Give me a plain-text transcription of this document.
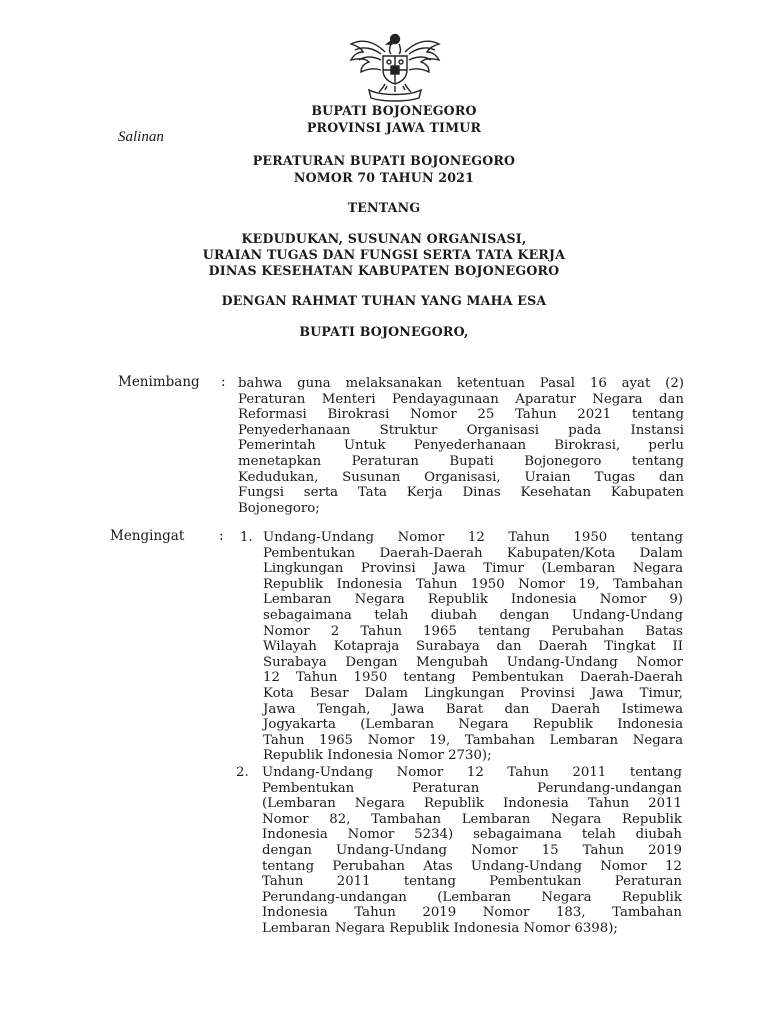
Salinan
BUPATI BOJONEGORO
PROVINSI JAWA TIMUR
PERATURAN BUPATI BOJONEGORO
NOMOR 70 TAHUN 2021
TENTANG
KEDUDUKAN, SUSUNAN ORGANISASI,
URAIAN TUGAS DAN FUNGSI SERTA TATA KERJA
DINAS KESEHATAN KABUPATEN BOJONEGORO
DENGAN RAHMAT TUHAN YANG MAHA ESA
BUPATI BOJONEGORO,
Menimbang : bahwa guna melaksanakan ketentuan Pasal 16 ayat (2)
Peraturan Menteri Pendayagunaan Aparatur Negara dan
Reformasi Birokrasi Nomor 25 Tahun 2021 tentang
Penyederhanaan Struktur Organisasi pada Instansi
Pemerintah Untuk Penyederhanaan Birokrasi, perlu
menetapkan Peraturan Bupati Bojonegoro tentang
Kedudukan, Susunan Organisasi, Uraian Tugas dan
Fungsi serta Tata Kerja Dinas Kesehatan Kabupaten
Bojonegoro;
Mengingat	: 1. Undang-Undang Nomor 12 Tahun 1950 tentang
Pembentukan Daerah-Daerah Kabupaten/Kota Dalam
Lingkungan Provinsi Jawa Timur (Lembaran Negara
Republik Indonesia Tahun 1950 Nomor 19, Tambahan
Lembaran Negara Republik Indonesia Nomor 9)
sebagaimana telah diubah dengan Undang-Undang
Nomor 2 Tahun 1965 tentang Perubahan Batas
Wilayah Kotapraja Surabaya dan Daerah Tingkat II
Surabaya Dengan Mengubah Undang-Undang Nomor
12 Tahun 1950 tentang Pembentukan Daerah-Daerah
Kota Besar Dalam Lingkungan Provinsi Jawa Timur,
Jawa Tengah, Jawa Barat dan Daerah Istimewa
Jogyakarta (Lembaran Negara Republik Indonesia
Tahun 1965 Nomor 19, Tambahan Lembaran Negara
Republik Indonesia Nomor 2730);
2. Undang-Undang Nomor 12 Tahun 2011 tentang
Pembentukan Peraturan Perundang-undangan
(Lembaran Negara Republik Indonesia Tahun 2011
Nomor 82, Tambahan Lembaran Negara Republik
Indonesia Nomor 5234) sebagaimana telah diubah
dengan Undang-Undang Nomor 15 Tahun 2019
tentang Perubahan Atas Undang-Undang Nomor 12
Tahun 2011 tentang Pembentukan Peraturan
Perundang-undangan (Lembaran Negara Republik
Indonesia Tahun 2019 Nomor 183, Tambahan
Lembaran Negara Republik Indonesia Nomor 6398);
